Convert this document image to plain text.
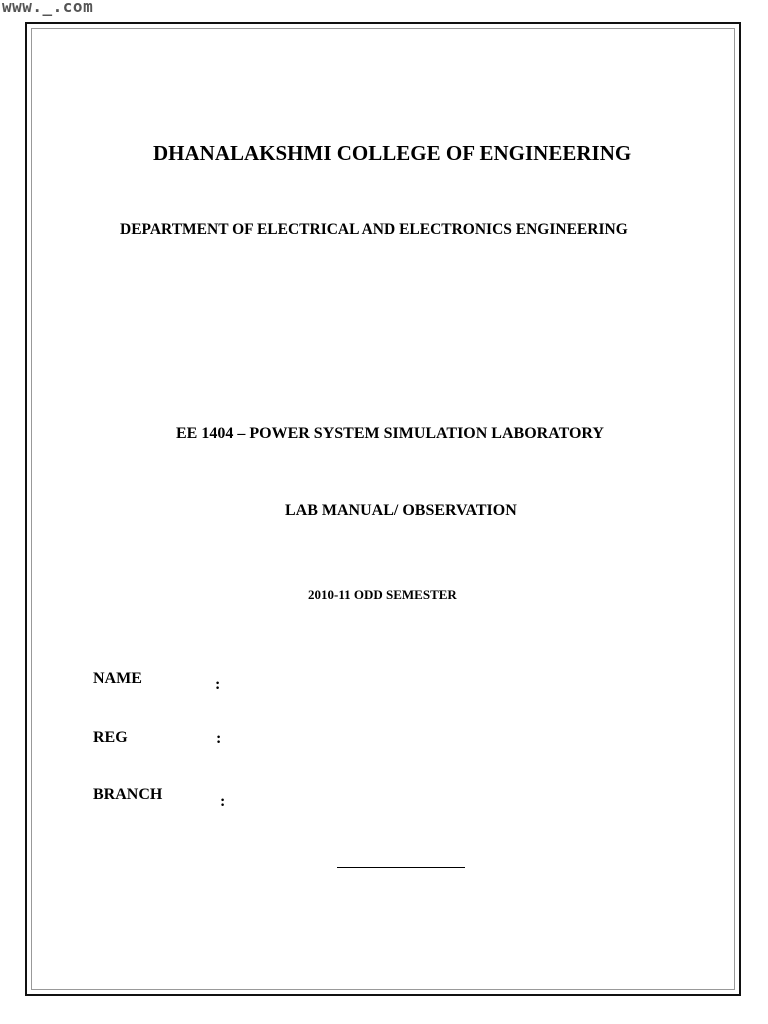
www._.com
DHANALAKSHMI COLLEGE OF ENGINEERING
DEPARTMENT OF ELECTRICAL AND ELECTRONICS ENGINEERING
EE 1404 – POWER SYSTEM SIMULATION LABORATORY
LAB MANUAL/ OBSERVATION
2010-11 ODD SEMESTER
NAME	:
REG	:
BRANCH	:
